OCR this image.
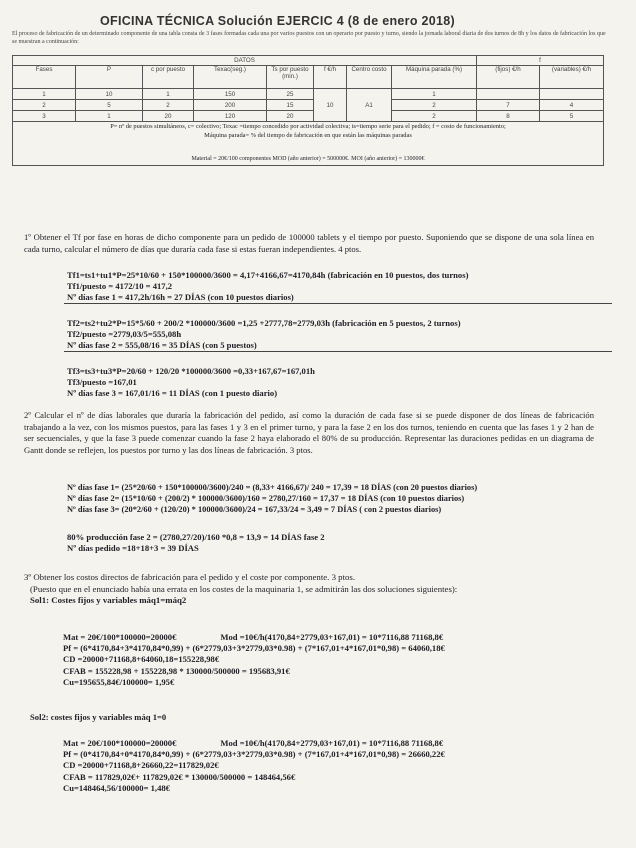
OFICINA TÉCNICA Solución EJERCIC 4 (8 de enero 2018)
El proceso de fabricación de un determinado componente de una tabla consta de 3 fases formadas cada una por varios puestos con un operario por puesto y turno, siendo la jornada laboral diaria de dos turnos de 8h y los datos de fabricación los que se muestran a continuación:
DATOS								f	
Fases	P	c por puesto	Texac(seg.)	Ts por puesto (min.)	f €/h	Centro costo	Máquina parada (%)	(fijos) €/h	(variables) €/h
1	10	1	150	25	10	A1	1		
2	5	2	200	15			2	7	4
3	1	20	120	20			2	8	5
P= nº de puestos simultáneos, c= colectivo; Texac =tiempo concedido por actividad colectiva; ts=tiempo serie para el pedido; f = costo de funcionamiento;
Máquina parada= % del tiempo de fabricación en que están las máquinas paradas
Material = 20€/100 componentes MOD (año anterior) = 500000€. MOI (año anterior) = 130000€
1º Obtener el Tf por fase en horas de dicho componente para un pedido de 100000 tablets y el tiempo por puesto. Suponiendo que se dispone de una sola línea en cada turno, calcular el número de días que duraría cada fase si estas fueran independientes. 4 ptos.
Tf1=ts1+tu1*P=25*10/60 + 150*100000/3600 = 4,17+4166,67=4170,84h (fabricación en 10 puestos, dos turnos)
Tf1/puesto = 4172/10 = 417,2
Nº días fase 1 = 417,2h/16h = 27 DÍAS (con 10 puestos diarios)
Tf2=ts2+tu2*P=15*5/60 + 200/2 *100000/3600 =1,25 +2777,78=2779,03h (fabricación en 5 puestos, 2 turnos)
Tf2/puesto =2779,03/5=555,08h
Nº días fase 2 = 555,08/16 = 35 DÍAS (con 5 puestos)
Tf3=ts3+tu3*P=20/60 + 120/20 *100000/3600 =0,33+167,67=167,01h
Tf3/puesto =167,01
Nº días fase 3 = 167,01/16 = 11 DÍAS (con 1 puesto diario)
2º Calcular el nº de días laborales que duraría la fabricación del pedido, así como la duración de cada fase si se puede disponer de dos líneas de fabricación trabajando a la vez, con los mismos puestos, para las fases 1 y 3 en el primer turno, y para la fase 2 en los dos turnos, teniendo en cuenta que las fases 1 y 2 han de ser secuenciales, y que la fase 3 puede comenzar cuando la fase 2 haya elaborado el 80% de su producción. Representar las duraciones pedidas en un diagrama de Gantt donde se reflejen, los puestos por turno y las dos líneas de fabricación. 3 ptos.
Nº días fase 1= (25*20/60 + 150*100000/3600)/240 = (8,33+ 4166,67)/ 240 = 17,39 = 18 DÍAS (con 20 puestos diarios)
Nº días fase 2= (15*10/60 + (200/2) * 100000/3600)/160 = 2780,27/160 = 17,37 = 18 DÍAS (con 10 puestos diarios)
Nº días fase 3= (20*2/60 + (120/20) * 100000/3600)/24 = 167,33/24 = 3,49 = 7 DÍAS ( con 2 puestos diarios)
80% producción fase 2 = (2780,27/20)/160 *0,8 = 13,9 = 14 DÍAS fase 2
Nº días pedido =18+18+3 = 39 DÍAS
3º Obtener los costos directos de fabricación para el pedido y el coste por componente. 3 ptos.
(Puesto que en el enunciado había una errata en los costes de la maquinaria 1, se admitirán las dos soluciones siguientes):
Sol1: Costes fijos y variables máq1=máq2
Mat = 20€/100*100000=20000€	Mod =10€/h(4170,84+2779,03+167,01) = 10*7116,88 71168,8€
Pf = (6*4170,84+3*4170,84*0,99) + (6*2779,03+3*2779,03*0.98) + (7*167,01+4*167,01*0,98) = 64060,18€
CD =20000+71168,8+64060,18=155228,98€
CFAB = 155228,98 + 155228,98 * 130000/500000 = 195683,91€
Cu=195655,84€/100000= 1,95€
Sol2: costes fijos y variables máq 1=0
Mat = 20€/100*100000=20000€	Mod =10€/h(4170,84+2779,03+167,01) = 10*7116,88 71168,8€
Pf = (0*4170,84+0*4170,84*0,99) + (6*2779,03+3*2779,03*0.98) + (7*167,01+4*167,01*0,98) = 26660,22€
CD =20000+71168,8+26660,22=117829,02€
CFAB = 117829,02€+ 117829,02€ * 130000/500000 = 148464,56€
Cu=148464,56/100000= 1,48€
